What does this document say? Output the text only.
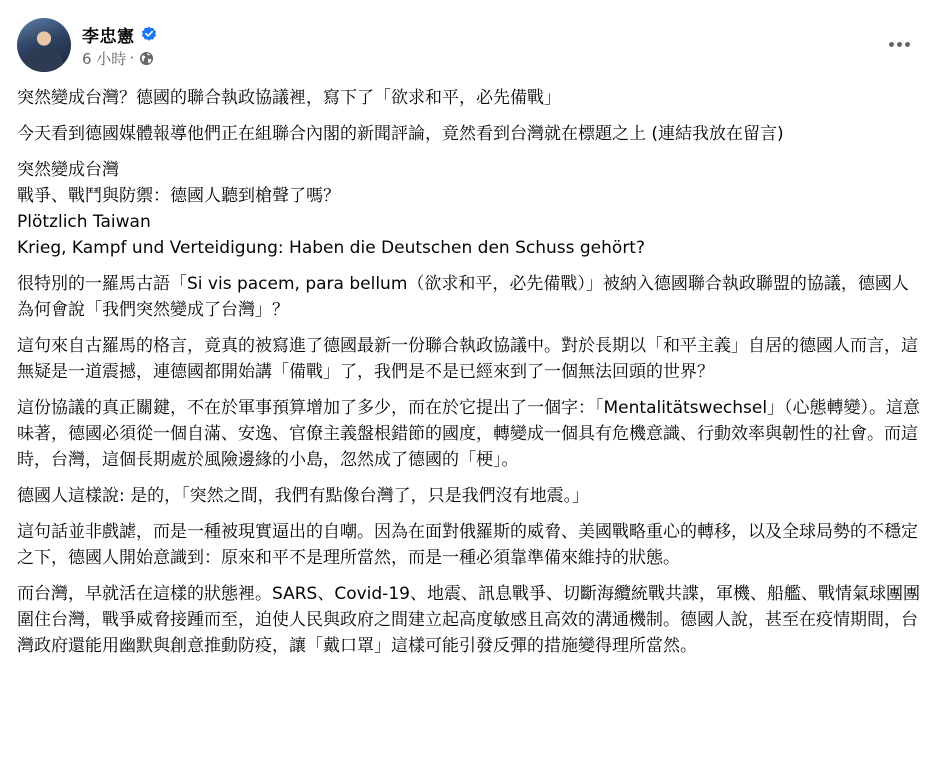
李忠憲
6 小時 ·

突然變成台灣？德國的聯合執政協議裡，寫下了「欲求和平，必先備戰」

今天看到德國媒體報導他們正在組聯合內閣的新聞評論，竟然看到台灣就在標題之上 (連結我放在留言)

突然變成台灣

戰爭、戰鬥與防禦：德國人聽到槍聲了嗎？

Plötzlich Taiwan

Krieg, Kampf und Verteidigung: Haben die Deutschen den Schuss gehört?

很特別的一羅馬古語「Si vis pacem, para bellum（欲求和平，必先備戰）」被納入德國聯合執政聯盟的協議，德國人為何會說「我們突然變成了台灣」？

這句來自古羅馬的格言，竟真的被寫進了德國最新一份聯合執政協議中。對於長期以「和平主義」自居的德國人而言，這無疑是一道震撼，連德國都開始講「備戰」了，我們是不是已經來到了一個無法回頭的世界？

這份協議的真正關鍵，不在於軍事預算增加了多少，而在於它提出了一個字：「Mentalitätswechsel」（心態轉變）。這意味著，德國必須從一個自滿、安逸、官僚主義盤根錯節的國度，轉變成一個具有危機意識、行動效率與韌性的社會。而這時，台灣，這個長期處於風險邊緣的小島，忽然成了德國的「梗」。

德國人這樣說: 是的，「突然之間，我們有點像台灣了，只是我們沒有地震。」

這句話並非戲謔，而是一種被現實逼出的自嘲。因為在面對俄羅斯的威脅、美國戰略重心的轉移，以及全球局勢的不穩定之下，德國人開始意識到：原來和平不是理所當然，而是一種必須靠準備來維持的狀態。

而台灣，早就活在這樣的狀態裡。SARS、Covid-19、地震、訊息戰爭、切斷海纜統戰共諜，軍機、船艦、戰情氣球團團圍住台灣，戰爭威脅接踵而至，迫使人民與政府之間建立起高度敏感且高效的溝通機制。德國人說，甚至在疫情期間，台灣政府還能用幽默與創意推動防疫，讓「戴口罩」這樣可能引發反彈的措施變得理所當然。
